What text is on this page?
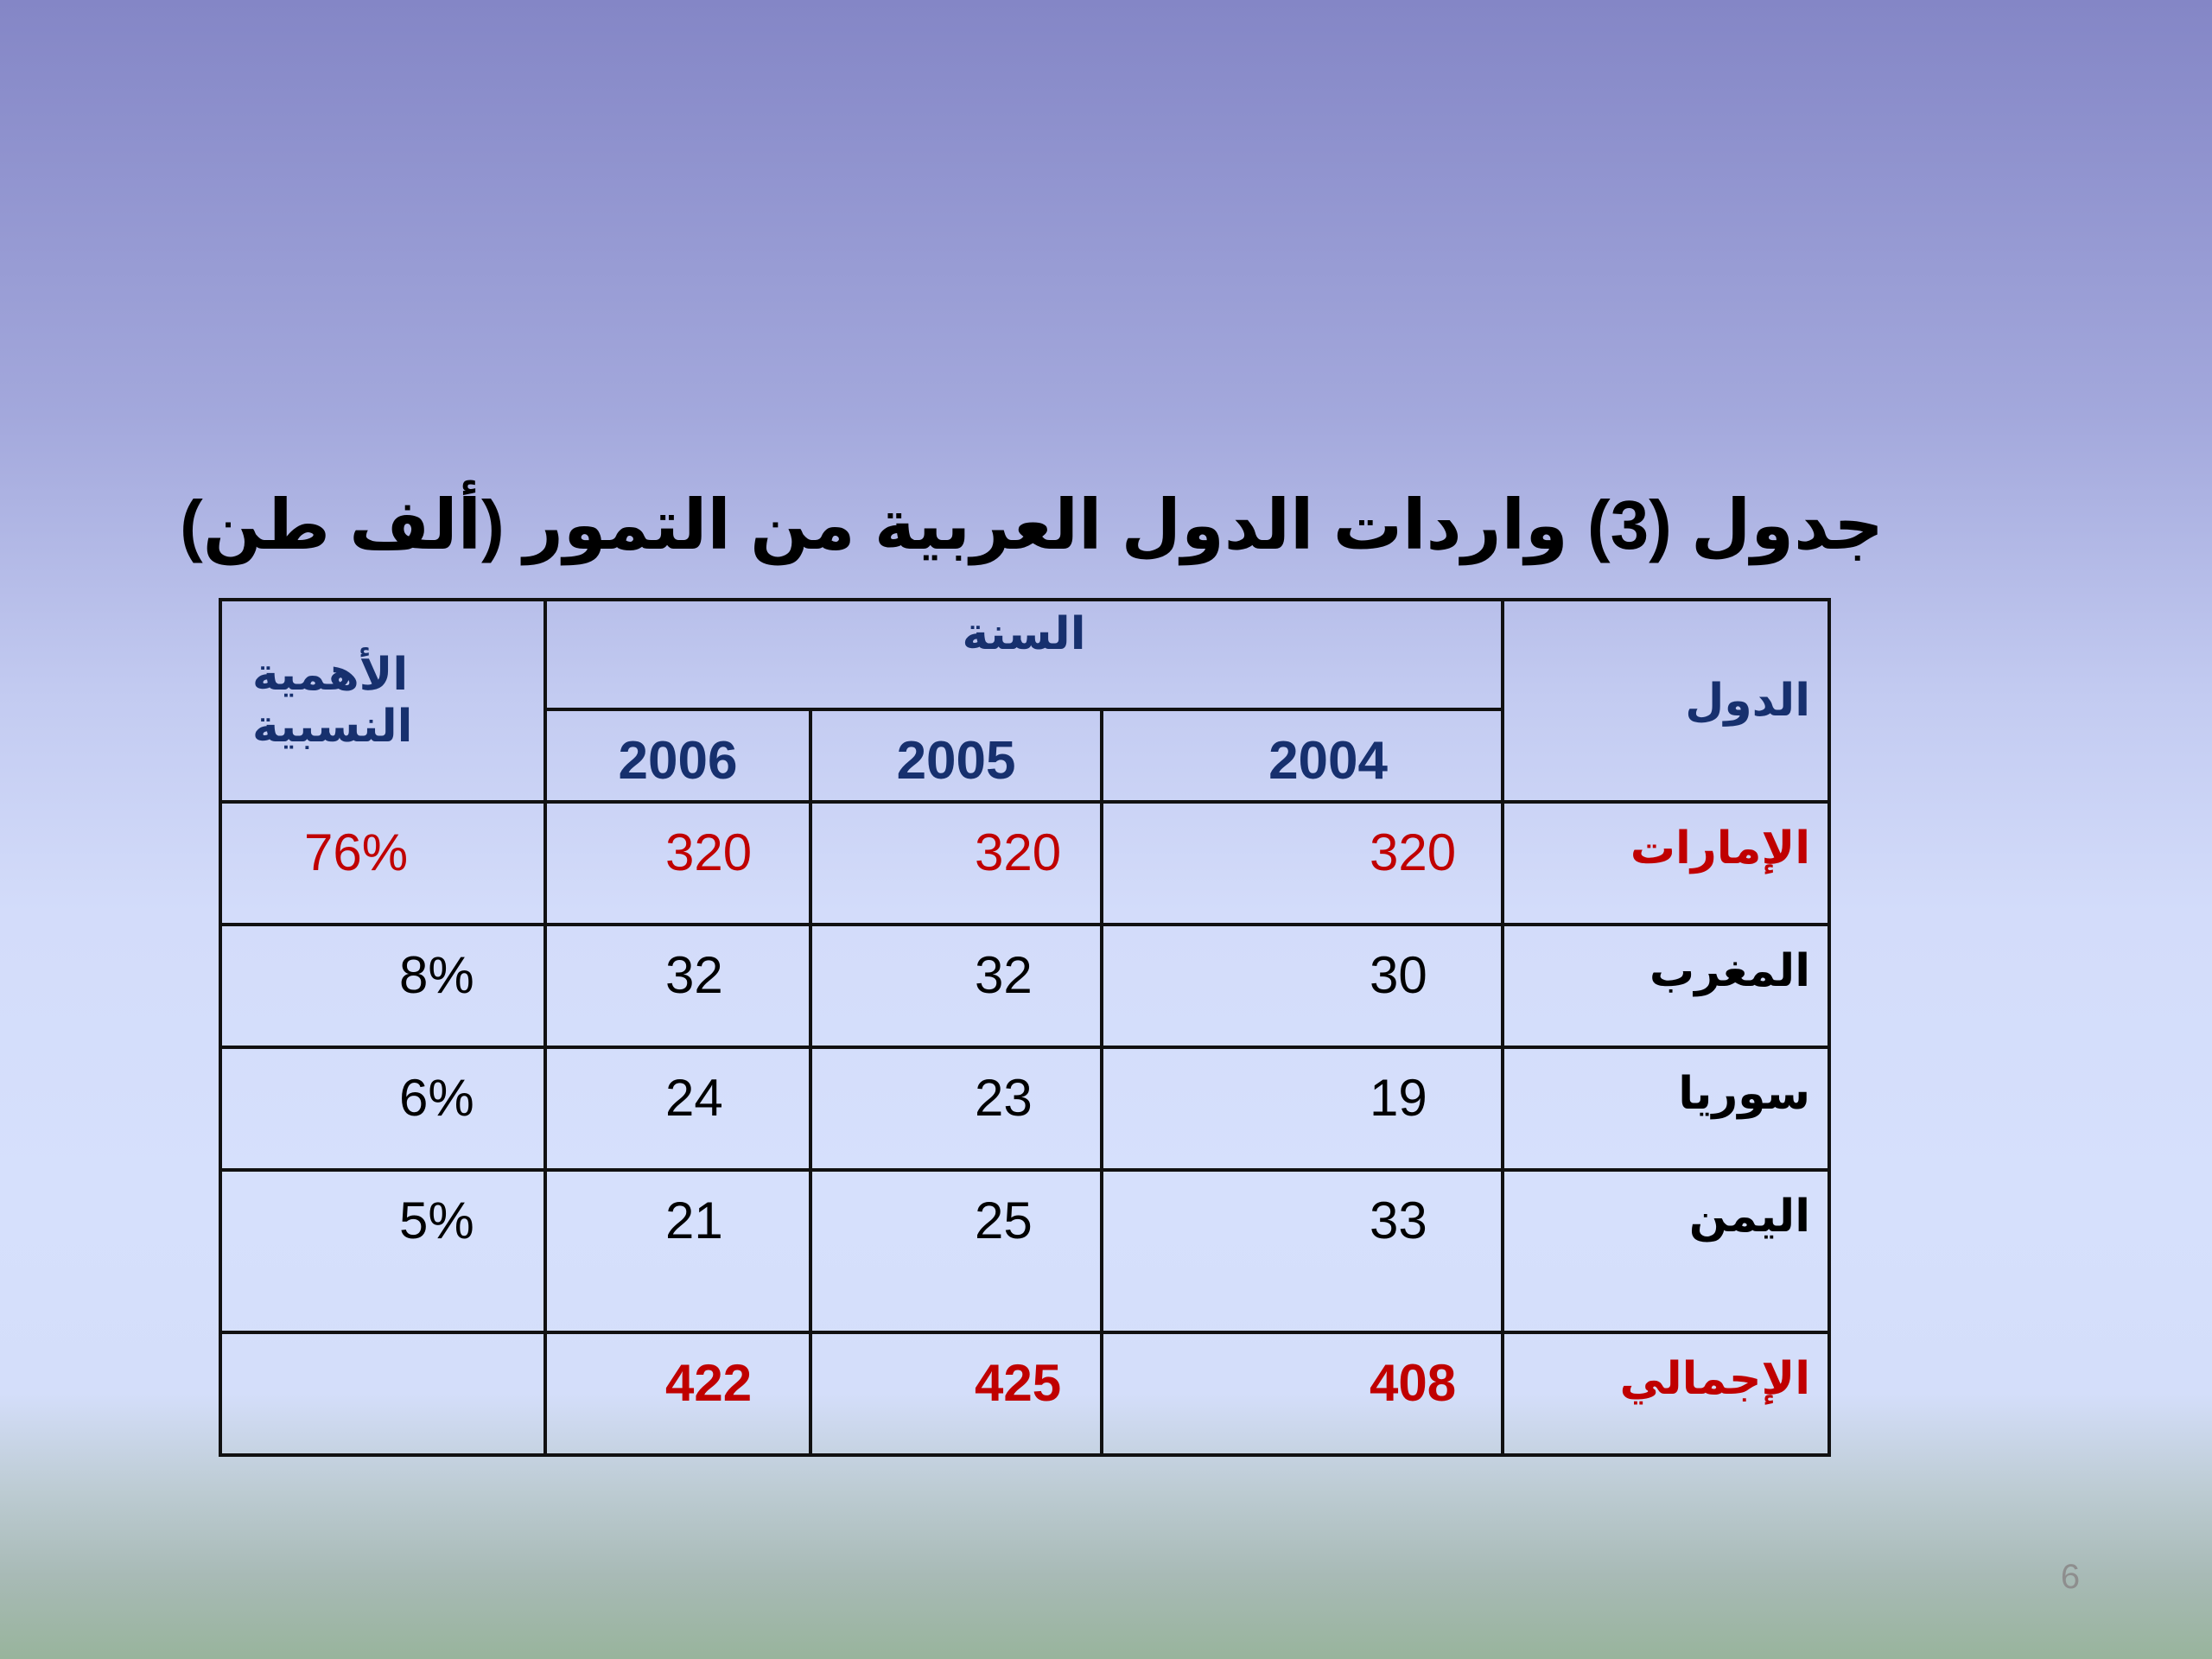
جدول (3) واردات الدول العربية من التمور (ألف طن)
الدول	السنة			الأهمية النسبية
	2004	2005	2006	
الإمارات	320	320	320	76%
المغرب	30	32	32	8%
سوريا	19	23	24	6%
اليمن	33	25	21	5%
الإجمالي	408	425	422	
6
